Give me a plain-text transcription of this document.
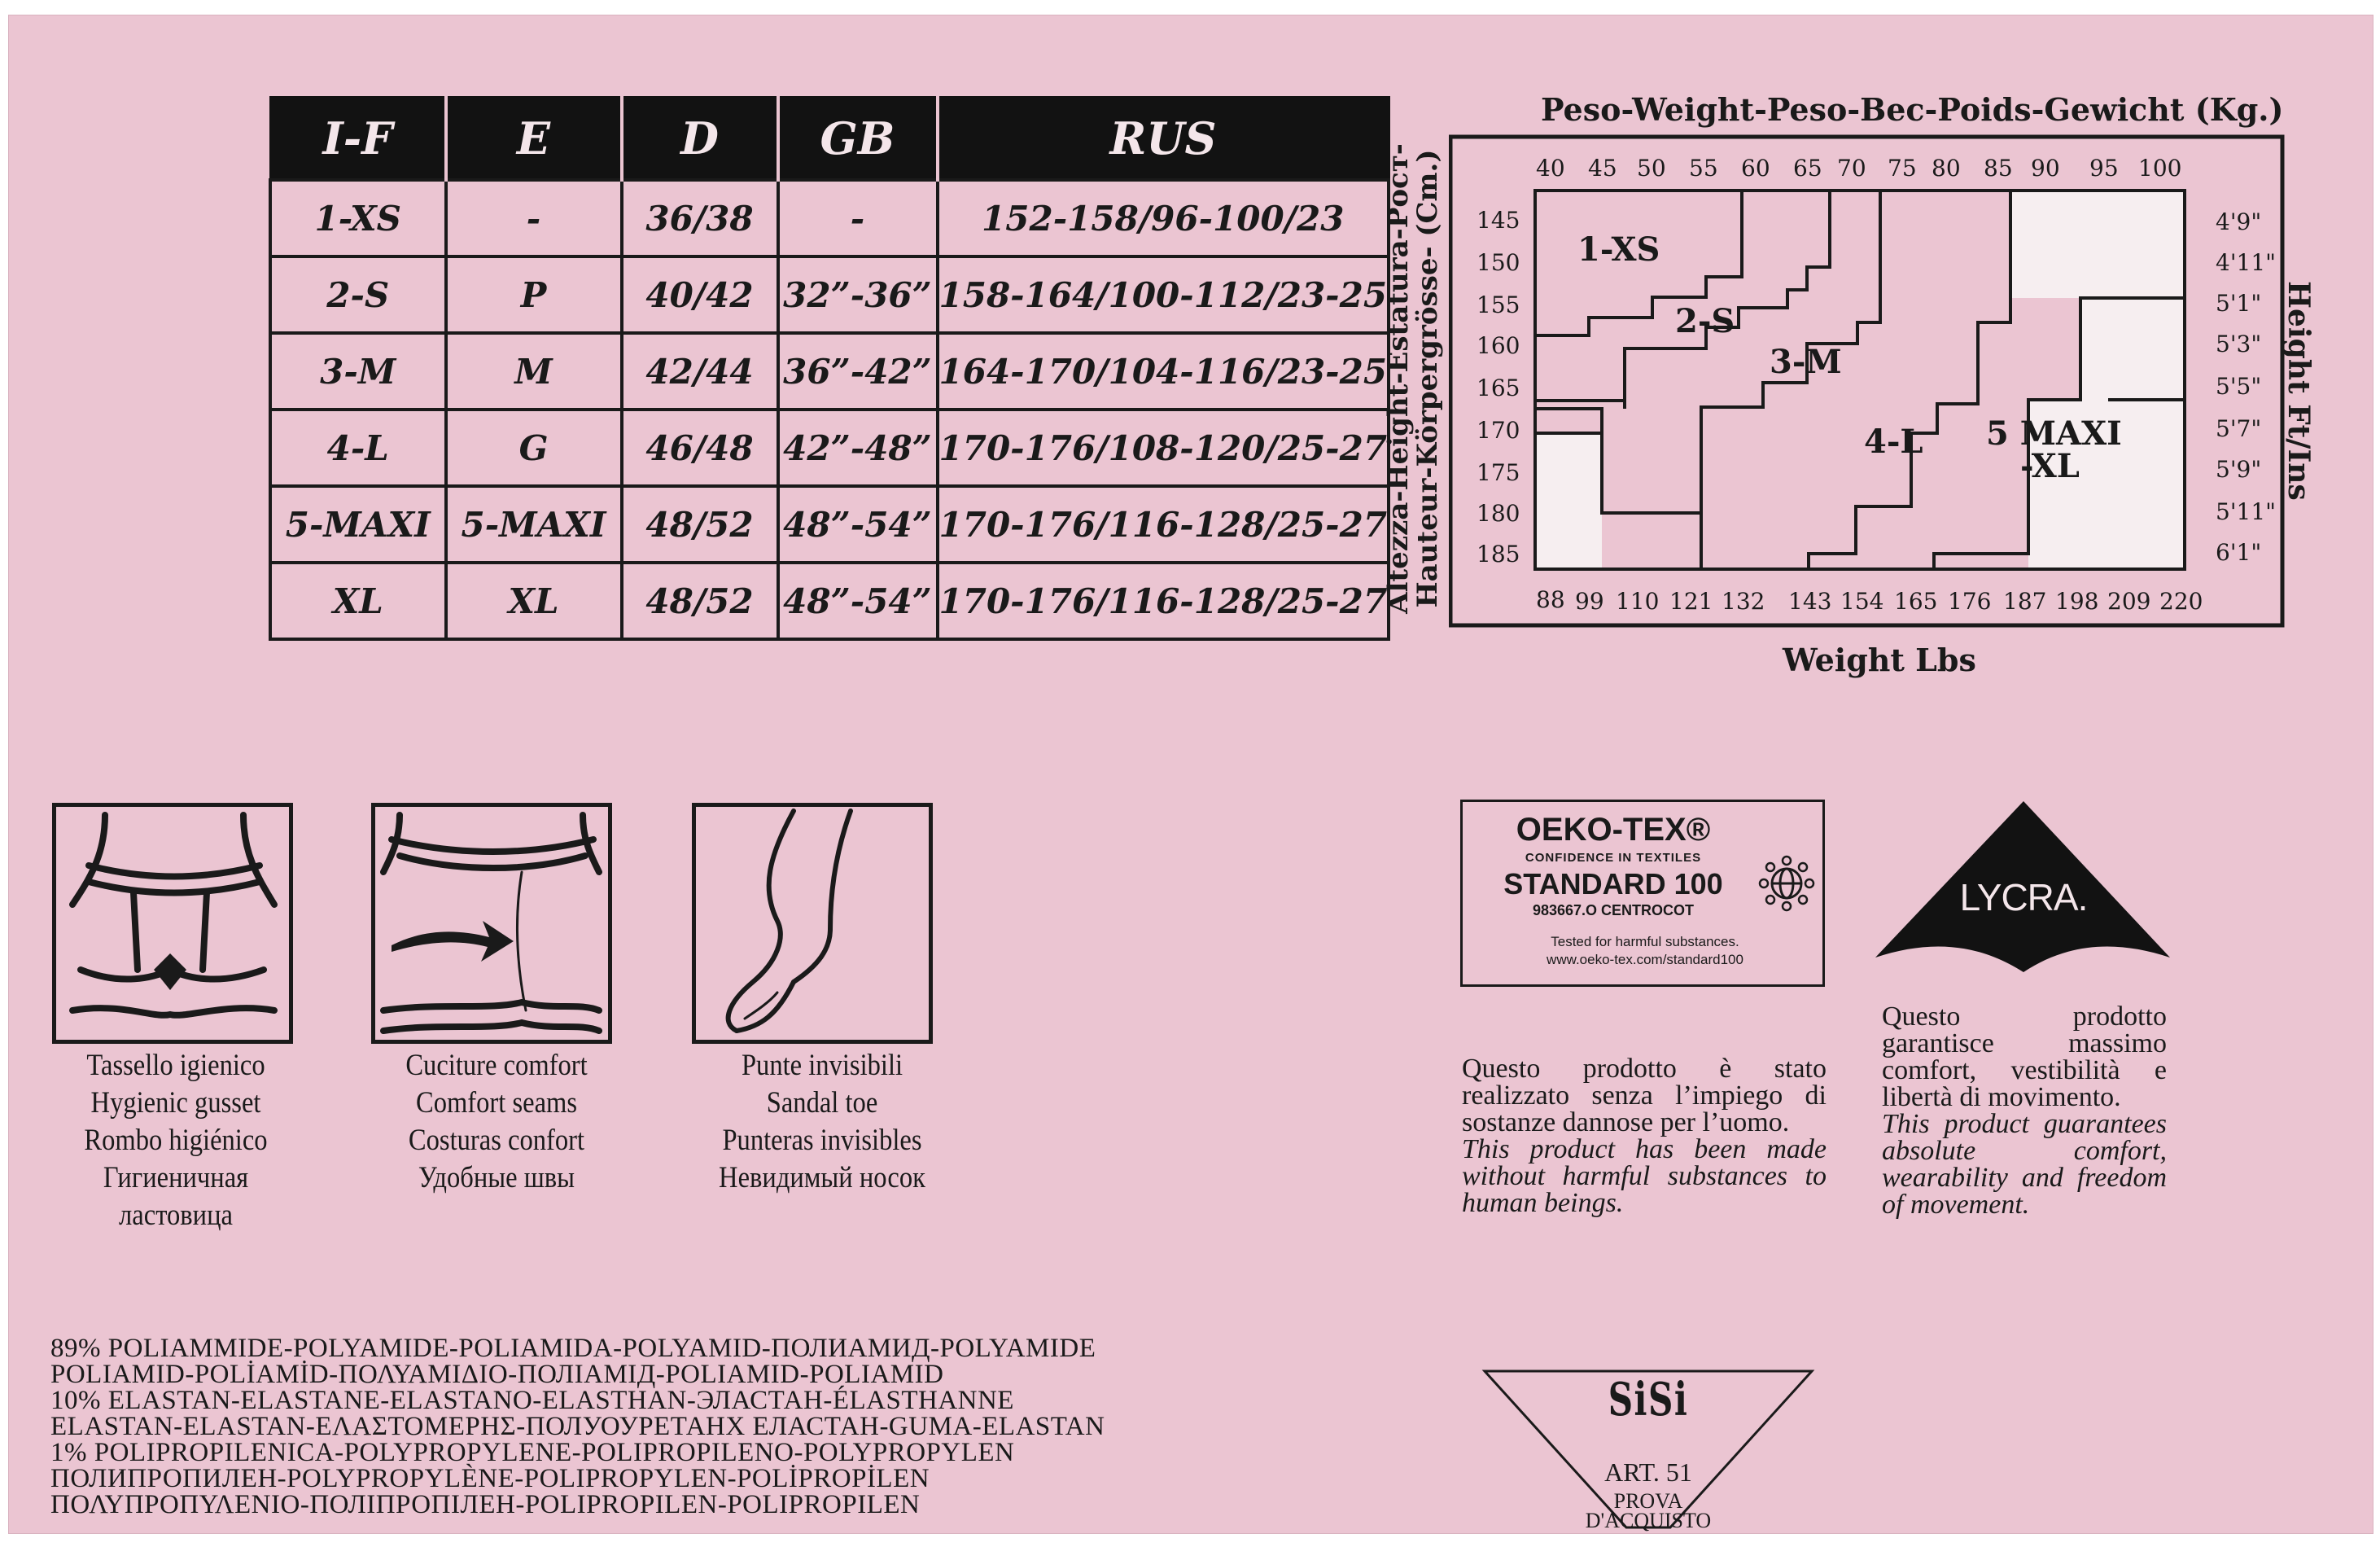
I-F	E	D	GB	RUS
1-XS	-	36/38	-	152-158/96-100/23
2-S	P	40/42	32”-36”	158-164/100-112/23-25
3-M	M	42/44	36”-42”	164-170/104-116/23-25
4-L	G	46/48	42”-48”	170-176/108-120/25-27
5-MAXI	5-MAXI	48/52	48”-54”	170-176/116-128/25-27
XL	XL	48/52	48”-54”	170-176/116-128/25-27
Peso-Weight-Peso-Bec-Poids-Gewicht (Kg.)
Altezza-Height-Estatura-Рост-
Hauteur-Körpergrösse- (Cm.)	Height Ft/Ins
40 45 50 55 60 65 70 75 80 85 90 95 100
145
150
155
160
165
170
175
180
185
4'9"
4'11"
5'1"
5'3"
5'5"
5'7"
5'9"
5'11"
6'1"
88 99 110 121 132 143 154 165 176 187 198 209 220
1-XS
2-S
3-M
4-L 5 MAXI
-XL
Weight Lbs
Tassello igienico
Hygienic gusset
Rombo higiénico
Гигиеничная
ластовица
Cuciture comfort
Comfort seams
Costuras confort
Удобные швы
Punte invisibili
Sandal toe
Punteras invisibles
Невидимый носок
OEKO-TEX®
CONFIDENCE IN TEXTILES
STANDARD 100
983667.O CENTROCOT
Tested for harmful substances.
www.oeko-tex.com/standard100
Questo prodotto è stato realizzato senza l’impiego di sostanze dannose per l’uomo.
This product has been made without harmful substances to human beings.
LYCRA.
Questo prodotto garantisce massimo comfort, vestibilità e libertà di movimento.
This product guarantees absolute comfort, wearability and freedom of movement.
89% POLIAMMIDE-POLYAMIDE-POLIAMIDA-POLYAMID-ПОЛИАМИД-POLYAMIDE
POLIAMID-POLİAMİD-ΠΟΛΥΑΜΙΔΙΟ-ПОЛІАМІД-POLIAMID-POLIAMID
10% ELASTAN-ELASTANE-ELASTANO-ELASTHAN-ЭЛАСТАН-ÉLASTHANNE
ELASTAN-ELASTAN-ΕΛΑΣΤΟΜΕΡΗΣ-ПОЛУОУРЕТАНХ ЕЛАСТАН-GUMA-ELASTAN
1% POLIPROPILENICA-POLYPROPYLENE-POLIPROPILENO-POLYPROPYLEN
ПОЛИПРОПИЛЕН-POLYPROPYLÈNE-POLIPROPYLEN-POLİPROPİLEN
ΠΟΛΥΠΡΟΠΥΛΕΝΙΟ-ПОЛІПРОПІЛЕН-POLIPROPILEN-POLIPROPILEN
SiSi
ART. 51
PROVA
D'ACQUISTO
